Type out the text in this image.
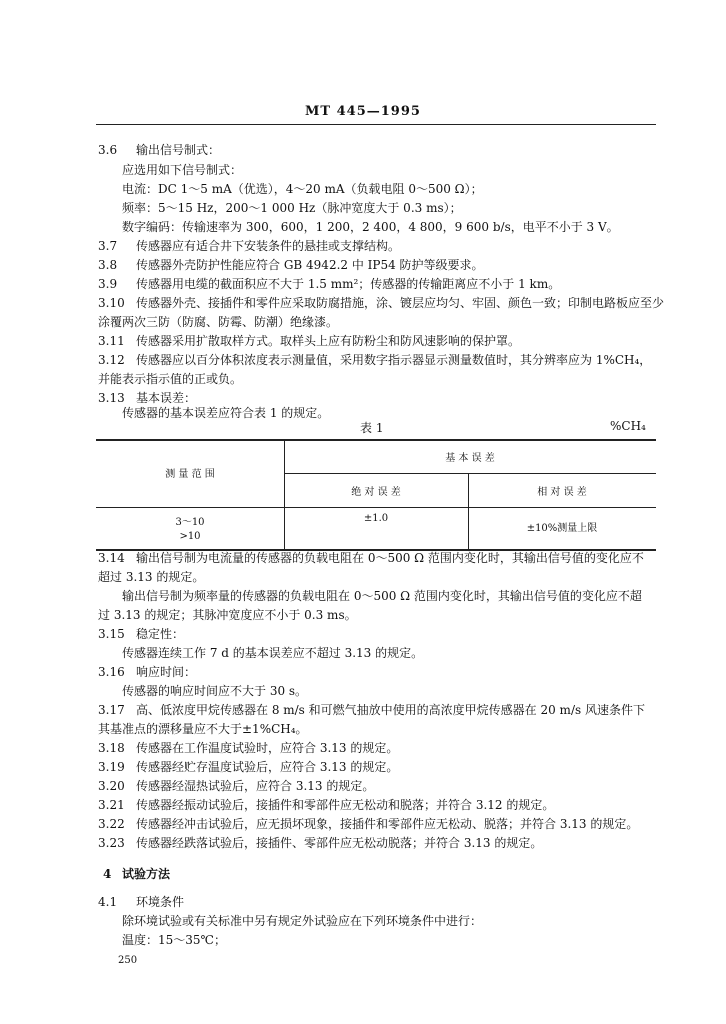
MT 445—1995
3.6 输出信号制式：
应选用如下信号制式：
电流：DC 1～5 mA（优选），4～20 mA（负载电阻 0～500 Ω）；
频率：5～15 Hz，200～1 000 Hz（脉冲宽度大于 0.3 ms）；
数字编码：传输速率为 300，600，1 200，2 400，4 800，9 600 b/s，电平不小于 3 V。
3.7 传感器应有适合井下安装条件的悬挂或支撑结构。
3.8 传感器外壳防护性能应符合 GB 4942.2 中 IP54 防护等级要求。
3.9 传感器用电缆的截面积应不大于 1.5 mm²；传感器的传输距离应不小于 1 km。
3.10 传感器外壳、接插件和零件应采取防腐措施，涂、镀层应均匀、牢固、颜色一致；印制电路板应至少
涂覆两次三防（防腐、防霉、防潮）绝缘漆。
3.11 传感器采用扩散取样方式。取样头上应有防粉尘和防风速影响的保护罩。
3.12 传感器应以百分体积浓度表示测量值，采用数字指示器显示测量数值时，其分辨率应为 1%CH₄，
并能表示指示值的正或负。
3.13 基本误差：
传感器的基本误差应符合表 1 的规定。
表 1	%CH₄
测 量 范 围
基 本 误 差
绝 对 误 差	相 对 误 差
3～10
>10
±1.0
±10%测量上限
3.14 输出信号制为电流量的传感器的负载电阻在 0～500 Ω 范围内变化时，其输出信号值的变化应不
超过 3.13 的规定。
输出信号制为频率量的传感器的负载电阻在 0～500 Ω 范围内变化时，其输出信号值的变化应不超
过 3.13 的规定；其脉冲宽度应不小于 0.3 ms。
3.15 稳定性：
传感器连续工作 7 d 的基本误差应不超过 3.13 的规定。
3.16 响应时间：
传感器的响应时间应不大于 30 s。
3.17 高、低浓度甲烷传感器在 8 m/s 和可燃气抽放中使用的高浓度甲烷传感器在 20 m/s 风速条件下
其基准点的漂移量应不大于±1%CH₄。
3.18 传感器在工作温度试验时，应符合 3.13 的规定。
3.19 传感器经贮存温度试验后，应符合 3.13 的规定。
3.20 传感器经湿热试验后，应符合 3.13 的规定。
3.21 传感器经振动试验后，接插件和零部件应无松动和脱落；并符合 3.12 的规定。
3.22 传感器经冲击试验后，应无损坏现象，接插件和零部件应无松动、脱落；并符合 3.13 的规定。
3.23 传感器经跌落试验后，接插件、零部件应无松动脱落；并符合 3.13 的规定。
4 试验方法
4.1 环境条件
除环境试验或有关标准中另有规定外试验应在下列环境条件中进行：
温度：15～35℃；
250
